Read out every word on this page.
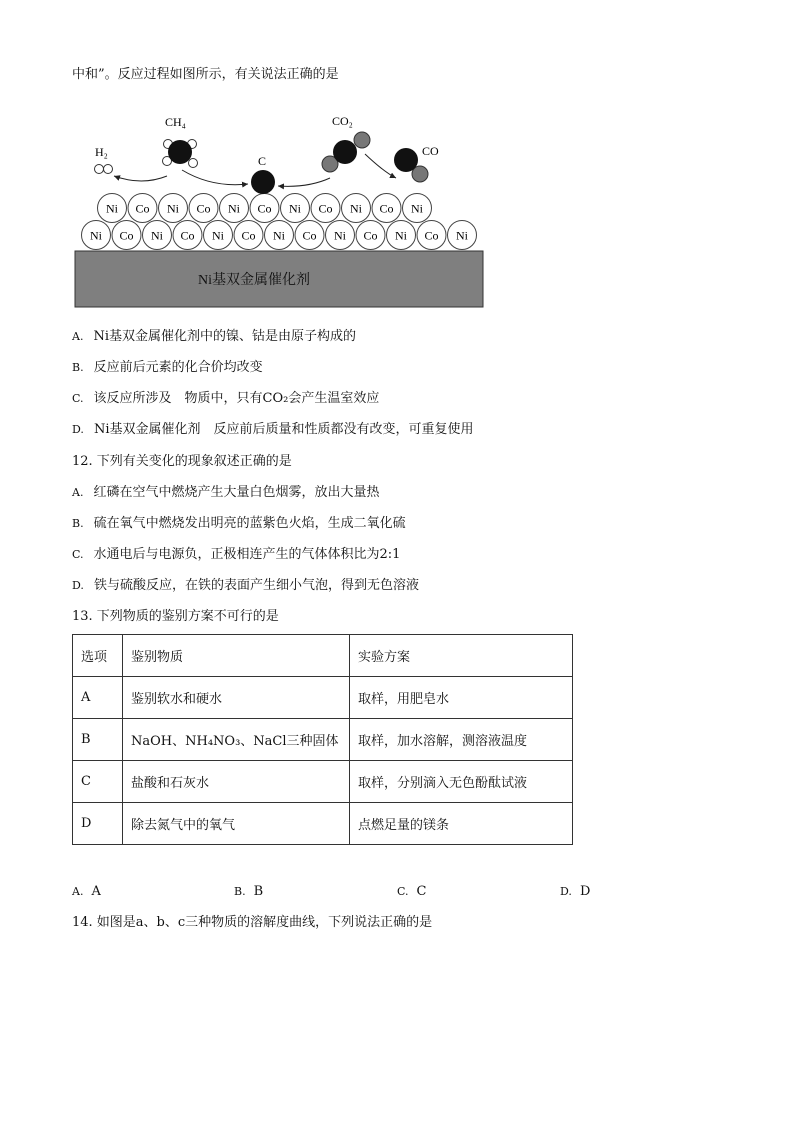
中和”。反应过程如图所示，有关说法正确的是
Ni基双金属催化剂
Ni Co Ni Co Ni Co Ni Co Ni Co Ni Co Ni
Ni Co Ni Co Ni Co Ni Co Ni Co Ni
H₂
CH₄
C
CO₂
CO
A. Ni基双金属催化剂中的镍、钴是由原子构成的
B. 反应前后元素的化合价均改变
C. 该反应所涉及　物质中，只有CO₂会产生温室效应
D. Ni基双金属催化剂　反应前后质量和性质都没有改变，可重复使用
12. 下列有关变化的现象叙述正确的是
A. 红磷在空气中燃烧产生大量白色烟雾，放出大量热
B. 硫在氧气中燃烧发出明亮的蓝紫色火焰，生成二氧化硫
C. 水通电后与电源负，正极相连产生的气体体积比为2:1
D. 铁与硫酸反应，在铁的表面产生细小气泡，得到无色溶液
13. 下列物质的鉴别方案不可行的是
选项	鉴别物质	实验方案
A	鉴别软水和硬水	取样，用肥皂水
B	NaOH、NH₄NO₃、NaCl三种固体	取样，加水溶解，测溶液温度
C	盐酸和石灰水	取样，分别滴入无色酚酞试液
D	除去氮气中的氧气	点燃足量的镁条
A. A	B. B	C. C	D. D
14. 如图是a、b、c三种物质的溶解度曲线，下列说法正确的是
